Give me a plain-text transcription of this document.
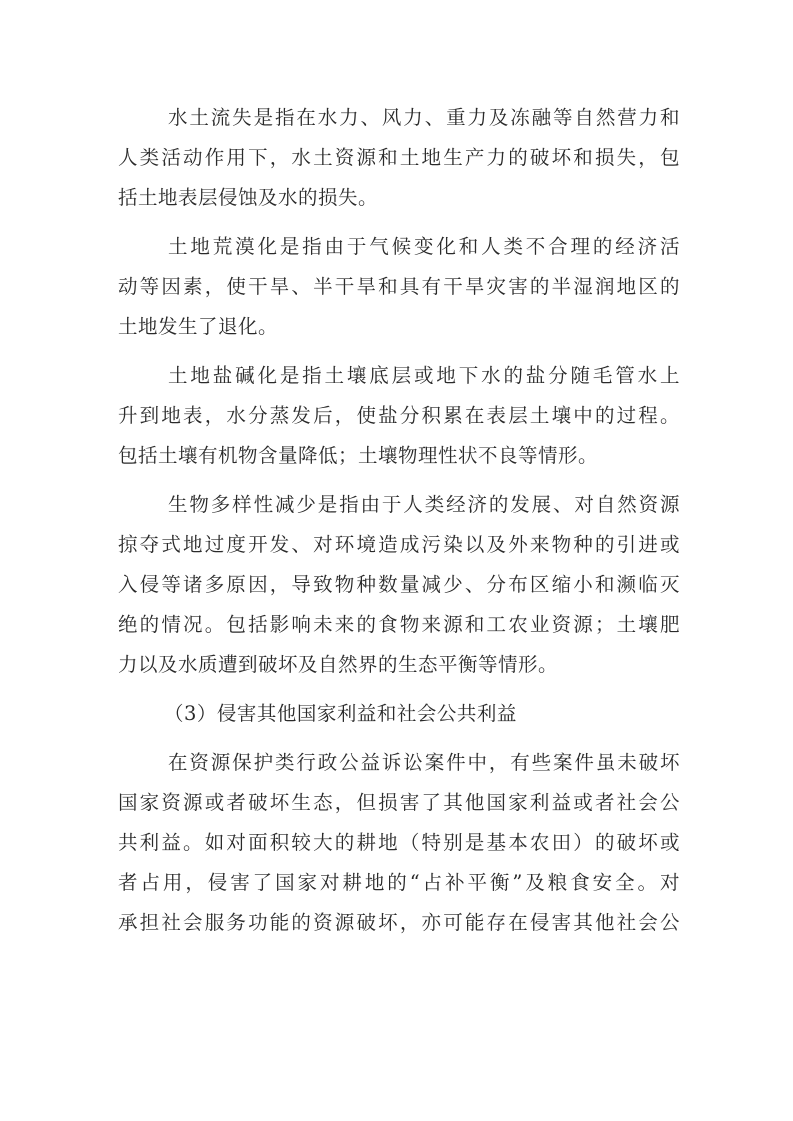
水土流失是指在水力、风力、重力及冻融等自然营力和
人类活动作用下，水土资源和土地生产力的破坏和损失，包
括土地表层侵蚀及水的损失。
土地荒漠化是指由于气候变化和人类不合理的经济活
动等因素，使干旱、半干旱和具有干旱灾害的半湿润地区的
土地发生了退化。
土地盐碱化是指土壤底层或地下水的盐分随毛管水上
升到地表，水分蒸发后，使盐分积累在表层土壤中的过程。
包括土壤有机物含量降低；土壤物理性状不良等情形。
生物多样性减少是指由于人类经济的发展、对自然资源
掠夺式地过度开发、对环境造成污染以及外来物种的引进或
入侵等诸多原因，导致物种数量减少、分布区缩小和濒临灭
绝的情况。包括影响未来的食物来源和工农业资源；土壤肥
力以及水质遭到破坏及自然界的生态平衡等情形。
（3）侵害其他国家利益和社会公共利益
在资源保护类行政公益诉讼案件中，有些案件虽未破坏
国家资源或者破坏生态，但损害了其他国家利益或者社会公
共利益。如对面积较大的耕地（特别是基本农田）的破坏或
者占用，侵害了国家对耕地的“占补平衡”及粮食安全。对
承担社会服务功能的资源破坏，亦可能存在侵害其他社会公
